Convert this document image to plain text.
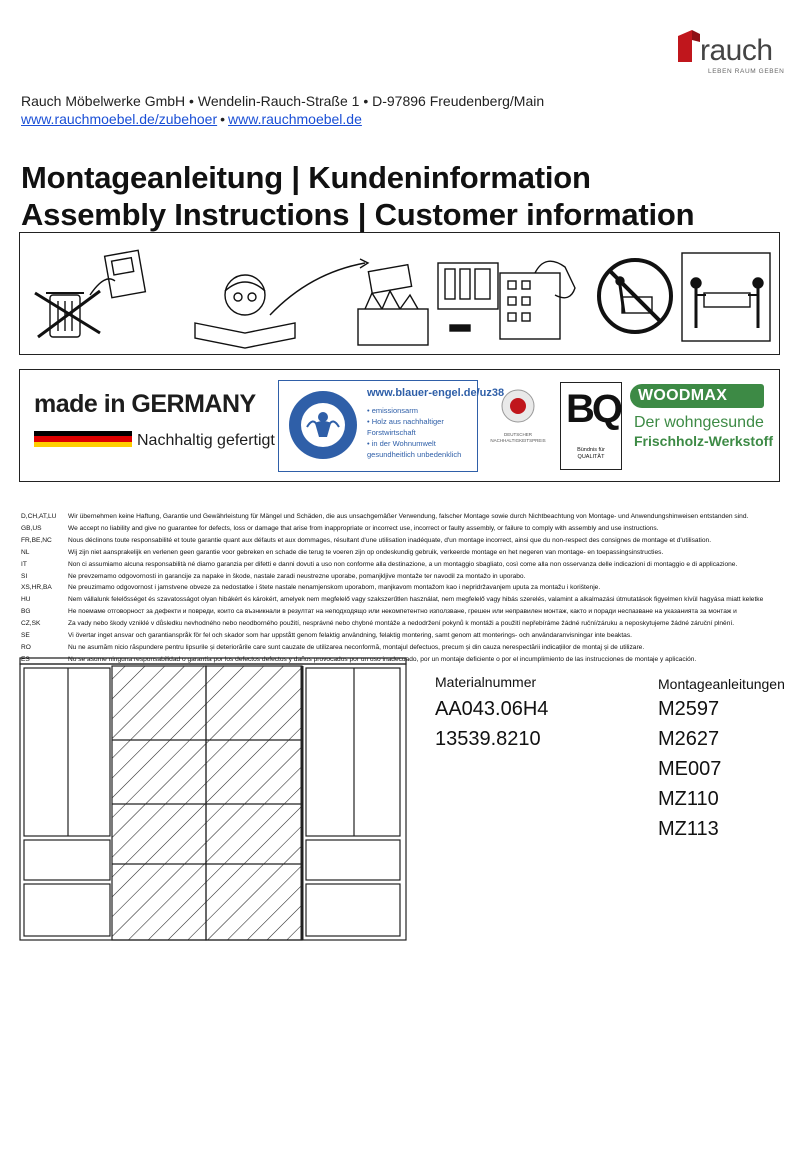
rauch
LEBEN RAUM GEBEN
Rauch Möbelwerke GmbH • Wendelin-Rauch-Straße 1 • D-97896 Freudenberg/Main
www.rauchmoebel.de/zubehoer • www.rauchmoebel.de
Montageanleitung | Kundeninformation
Assembly Instructions | Customer information
made in GERMANY
Nachhaltig gefertigt
www.blauer-engel.de/uz38
• emissionsarm
• Holz aus nachhaltiger Forstwirtschaft
• in der Wohnumwelt gesundheitlich unbedenklich
DEUTSCHER
NACHHALTIGKEITSPREIS
BQ
Bündnis für
QUALITÄT
WOODMAX
Der wohngesunde
Frischholz-Werkstoff
D,CH,AT,LU	Wir übernehmen keine Haftung, Garantie und Gewährleistung für Mängel und Schäden, die aus unsachgemäßer Verwendung, falscher Montage sowie durch Nichtbeachtung von Montage- und Anwendungshinweisen entstanden sind.
GB,US	We accept no liability and give no guarantee for defects, loss or damage that arise from inappropriate or incorrect use, incorrect or faulty assembly, or failure to comply with assembly and use instructions.
FR,BE,NC	Nous déclinons toute responsabilité et toute garantie quant aux défauts et aux dommages, résultant d'une utilisation inadéquate, d'un montage incorrect, ainsi que du non-respect des consignes de montage et d'utilisation.
NL	Wij zijn niet aansprakelijk en verlenen geen garantie voor gebreken en schade die terug te voeren zijn op ondeskundig gebruik, verkeerde montage en het negeren van montage- en toepassingsinstructies.
IT	Non ci assumiamo alcuna responsabilità né diamo garanzia per difetti e danni dovuti a uso non conforme alla destinazione, a un montaggio sbagliato, così come alla non osservanza delle indicazioni di montaggio e di applicazione.
SI	Ne prevzemamo odgovornosti in garancije za napake in škode, nastale zaradi neustrezne uporabe, pomanjkljive montaže ter navodil za montažo in uporabo.
XS,HR,BA	Ne preuzimamo odgovornost i jamstvene obveze za nedostatke i štete nastale nenamjenskom uporabom, manjkavom montažom kao i nepridržavanjem uputa za montažu i korištenje.
HU	Nem vállalunk felelősséget és szavatosságot olyan hibákért és károkért, amelyek nem megfelelő vagy szakszerűtlen használat, nem megfelelő vagy hibás szerelés, valamint a alkalmazási útmutatások figyelmen kívül hagyása miatt keletke
BG	Не поемаме отговорност за дефекти и повреди, които са възникнали в резултат на неподходящо или некомпетентно използване, грешен или неправилен монтаж, както и поради неспазване на указанията за монтаж и
CZ,SK	Za vady nebo škody vzniklé v důsledku nevhodného nebo neodborného použití, nesprávné nebo chybné montáže a nedodržení pokynů k montáži a použití nepřebíráme žádné ruční/záruku a neposkytujeme žádné záruční plnění.
SE	Vi övertar inget ansvar och garantianspråk för fel och skador som har uppstått genom felaktig användning, felaktig montering, samt genom att monterings- och användaranvisningar inte beaktas.
RO	Nu ne asumăm nicio răspundere pentru lipsurile și deteriorările care sunt cauzate de utilizarea neconformă, montajul defectuos, precum și din cauza nerespectării indicațiilor de montaj și de utilizare.
ES	No se asume ninguna responsabilidad o garantía por los defectos defectos y daños provocados por un uso inadecuado, por un montaje deficiente o por el incumplimiento de las instrucciones de montaje y aplicación.
Materialnummer
AA043.06H4
13539.8210
Montageanleitungen
M2597
M2627
ME007
MZ110
MZ113
